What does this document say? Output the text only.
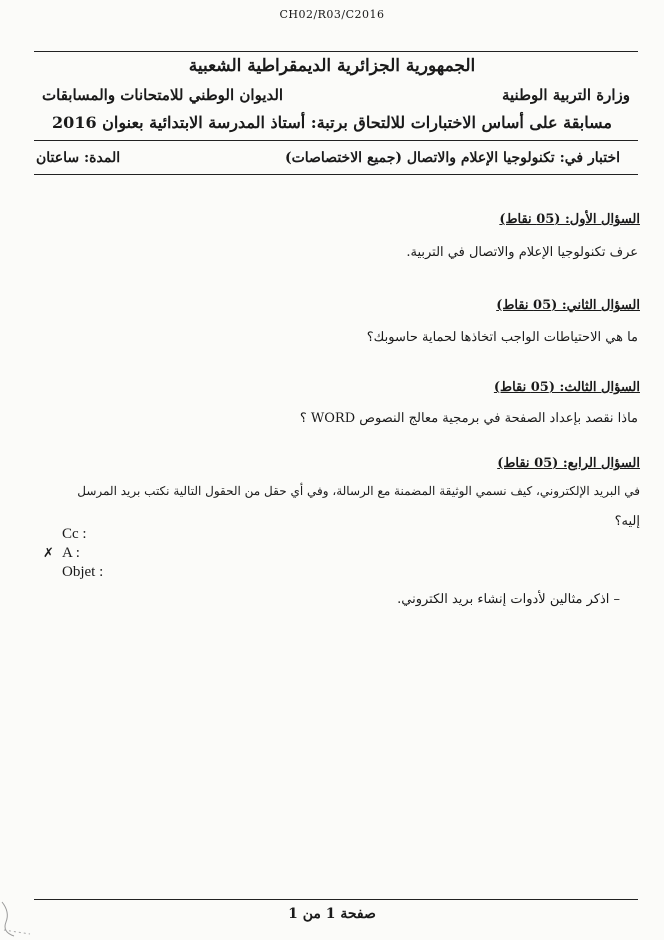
CH02/R03/C2016
الجمهورية الجزائرية الديمقراطية الشعبية
وزارة التربية الوطنية
الديوان الوطني للامتحانات والمسابقات
مسابقة على أساس الاختبارات للالتحاق برتبة: أستاذ المدرسة الابتدائية بعنوان 2016
اختبار في: تكنولوجيا الإعلام والاتصال (جميع الاختصاصات)
المدة: ساعتان
السؤال الأول: (05 نقاط)
عرف تكنولوجيا الإعلام والاتصال في التربية.
السؤال الثاني: (05 نقاط)
ما هي الاحتياطات الواجب اتخاذها لحماية حاسوبك؟
السؤال الثالث: (05 نقاط)
ماذا نقصد بإعداد الصفحة في برمجية معالج النصوص WORD ؟
السؤال الرابع: (05 نقاط)
في البريد الإلكتروني، كيف نسمي الوثيقة المضمنة مع الرسالة، وفي أي حقل من الحقول التالية نكتب بريد المرسل
إليه؟
Cc :
✗ A :
Objet :
– اذكر مثالين لأدوات إنشاء بريد الكتروني.
صفحة 1 من 1
